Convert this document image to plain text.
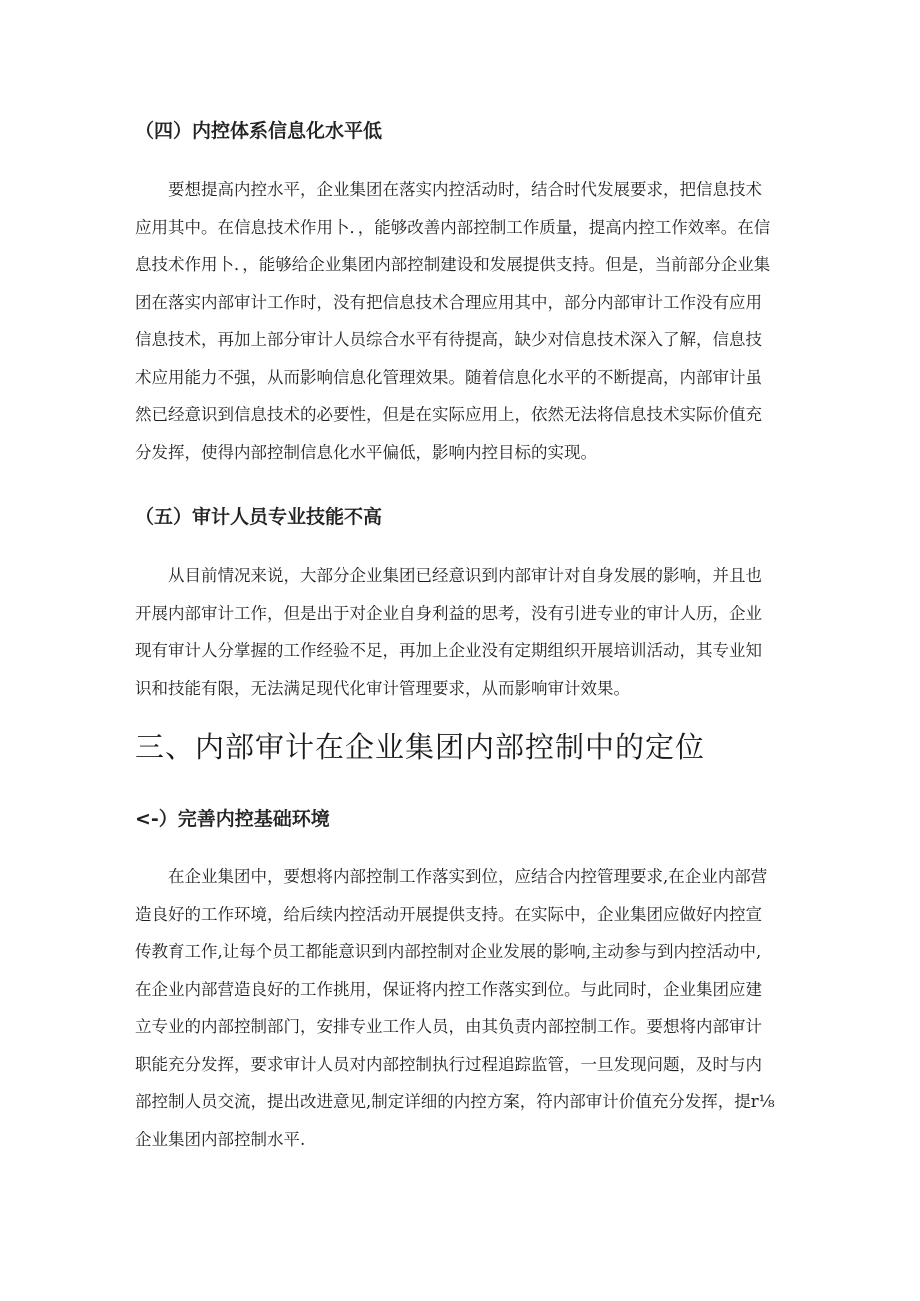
（四）内控体系信息化水平低
　　要想提高内控水平，企业集团在落实内控活动时，结合时代发展要求，把信息技术
应用其中。在信息技术作用卜．，能够改善内部控制工作质量，提高内控工作效率。在信
息技术作用卜．，能够给企业集团内部控制建设和发展提供支持。但是，当前部分企业集
团在落实内部审计工作时，没有把信息技术合理应用其中，部分内部审计工作没有应用
信息技术，再加上部分审计人员综合水平有待提高，缺少对信息技术深入了解，信息技
术应用能力不强，从而影响信息化管理效果。随着信息化水平的不断提高，内部审计虽
然已经意识到信息技术的必要性，但是在实际应用上，依然无法将信息技术实际价值充
分发挥，使得内部控制信息化水平偏低，影响内控目标的实现。
（五）审计人员专业技能不高
　　从目前情况来说，大部分企业集团已经意识到内部审计对自身发展的影响，并且也
开展内部审计工作，但是出于对企业自身利益的思考，没有引进专业的审计人历，企业
现有审计人分掌握的工作经验不足，再加上企业没有定期组织开展培训活动，其专业知
识和技能有限，无法满足现代化审计管理要求，从而影响审计效果。
三、内部审计在企业集团内部控制中的定位
<-）完善内控基础环境
　　在企业集团中，要想将内部控制工作落实到位，应结合内控管理要求,在企业内部营
造良好的工作环境，给后续内控活动开展提供支持。在实际中，企业集团应做好内控宣
传教育工作,让每个员工都能意识到内部控制对企业发展的影响,主动参与到内控活动中,
在企业内部营造良好的工作挑用，保证将内控工作落实到位。与此同时，企业集团应建
立专业的内部控制部门，安排专业工作人员，由其负责内部控制工作。要想将内部审计
职能充分发挥，要求审计人员对内部控制执行过程追踪监管，一旦发现问题，及时与内
部控制人员交流，提出改进意见,制定详细的内控方案，符内部审计价值充分发挥，提r⅛
企业集团内部控制水平.
